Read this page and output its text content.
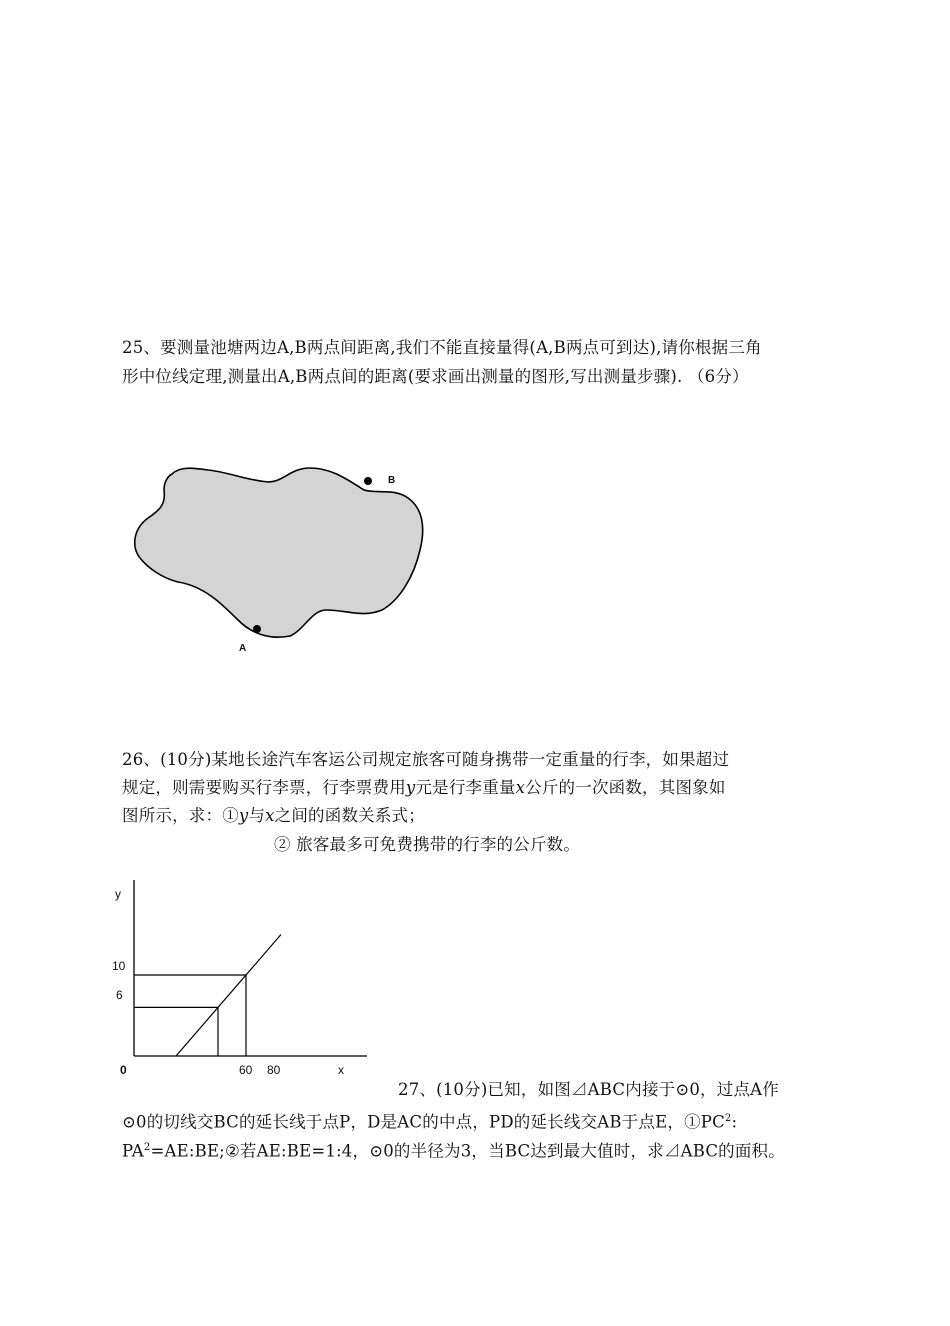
25、要测量池塘两边A,B两点间距离,我们不能直接量得(A,B两点可到达),请你根据三角
形中位线定理,测量出A,B两点间的距离(要求画出测量的图形,写出测量步骤). （6分）
B
A
26、(10分)某地长途汽车客运公司规定旅客可随身携带一定重量的行李，如果超过
规定，则需要购买行李票，行李票费用y元是行李重量x公斤的一次函数，其图象如
图所示，求：①y与x之间的函数关系式；
② 旅客最多可免费携带的行李的公斤数。
y
x
0
10
6
60 80
27、(10分)已知，如图⊿ABC内接于⊙0，过点A作
⊙0的切线交BC的延长线于点P，D是AC的中点，PD的延长线交AB于点E，$①PC^2$:
$PA^2=AE:BE;②$若AE:BE=1:4，⊙0的半径为3，当BC达到最大值时，求⊿ABC的面积。
